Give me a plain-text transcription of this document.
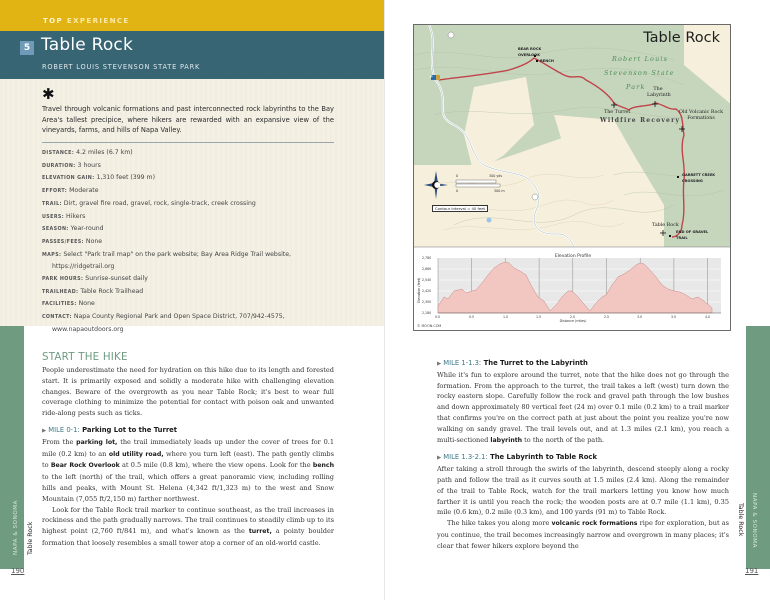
TOP EXPERIENCE
5 Table Rock
ROBERT LOUIS STEVENSON STATE PARK
✱
Travel through volcanic formations and past interconnected rock labyrinths to the Bay Area's tallest precipice, where hikers are rewarded with an expansive view of the vineyards, farms, and hills of Napa Valley.
DISTANCE: 4.2 miles (6.7 km)
DURATION: 3 hours
ELEVATION GAIN: 1,310 feet (399 m)
EFFORT: Moderate
TRAIL: Dirt, gravel fire road, gravel, rock, single-track, creek crossing
USERS: Hikers
SEASON: Year-round
PASSES/FEES: None
MAPS: Select "Park trail map" on the park website; Bay Area Ridge Trail website, https://ridgetrail.org
PARK HOURS: Sunrise-sunset daily
TRAILHEAD: Table Rock Trailhead
FACILITIES: None
CONTACT: Napa County Regional Park and Open Space District, 707/942-4575, www.napaoutdoors.org
NAPA & SONOMA Table Rock
190
START THE HIKE

People underestimate the need for hydration on this hike due to its length and forested start. It is primarily exposed and solidly a moderate hike with challenging elevation changes. Beware of the overgrowth as you near Table Rock; it's best to wear full coverage clothing to minimize the potential for contact with poison oak and unwanted ride-along pests such as ticks.

▶ MILE 0-1: Parking Lot to the Turret

From the parking lot, the trail immediately leads up under the cover of trees for 0.1 mile (0.2 km) to an old utility road, where you turn left (east). The path gently climbs to Bear Rock Overlook at 0.5 mile (0.8 km), where the view opens. Look for the bench to the left (north) of the trail, which offers a great panoramic view, including rolling hills and peaks, with Mount St. Helena (4,342 ft/1,323 m) to the west and Snow Mountain (7,055 ft/2,150 m) farther northwest.

Look for the Table Rock trail marker to continue southeast, as the trail increases in rockiness and the path gradually narrows. The trail continues to steadily climb up to its highest point (2,760 ft/841 m), and what's known as the turret, a pointy boulder formation that loosely resembles a small tower atop a corner of an old-world castle.

Table Rock
Robert Louis
Stevenson State
Park
Wildfire Recovery
BEAR ROCK OVERLOOK
BENCH
The Turret
The Labyrinth
Old Volcanic Rock Formations
GARRETT CREEK CROSSING
Table Rock
END OF GRAVEL TRAIL
0	300 yds
0	300 m
Contour Interval = 40 feet
P
Elevation Profile
Elevation (feet)
2,780
2,660
2,540
2,420
2,300
2,180
0.0	0.5	1.0	1.5	2.0	2.5	3.0	3.5	4.0
Distance (miles)
© MOON.COM
▶ MILE 1-1.3: The Turret to the Labyrinth

While it's fun to explore around the turret, note that the hike does not go through the formation. From the approach to the turret, the trail takes a left (west) turn down the rocky eastern slope. Carefully follow the rock and gravel path through the low bushes and down approximately 80 vertical feet (24 m) over 0.1 mile (0.2 km) to a trail marker that confirms you're on the correct path at just about the point you realize you're now walking on sandy gravel. The trail levels out, and at 1.3 miles (2.1 km), you reach a multi-sectioned labyrinth to the north of the path.

▶ MILE 1.3-2.1: The Labyrinth to Table Rock

After taking a stroll through the swirls of the labyrinth, descend steeply along a rocky path and follow the trail as it curves south at 1.5 miles (2.4 km). Along the remainder of the trail to Table Rock, watch for the trail markers letting you know how much farther it is until you reach the rock; the wooden posts are at 0.7 mile (1.1 km), 0.35 mile (0.6 km), 0.2 mile (0.3 km), and 100 yards (91 m) to Table Rock.

The hike takes you along more volcanic rock formations ripe for exploration, but as you continue, the trail becomes increasingly narrow and overgrown in many places; it's clear that fewer hikers explore beyond the	NAPA & SONOMA
Table Rock
191
